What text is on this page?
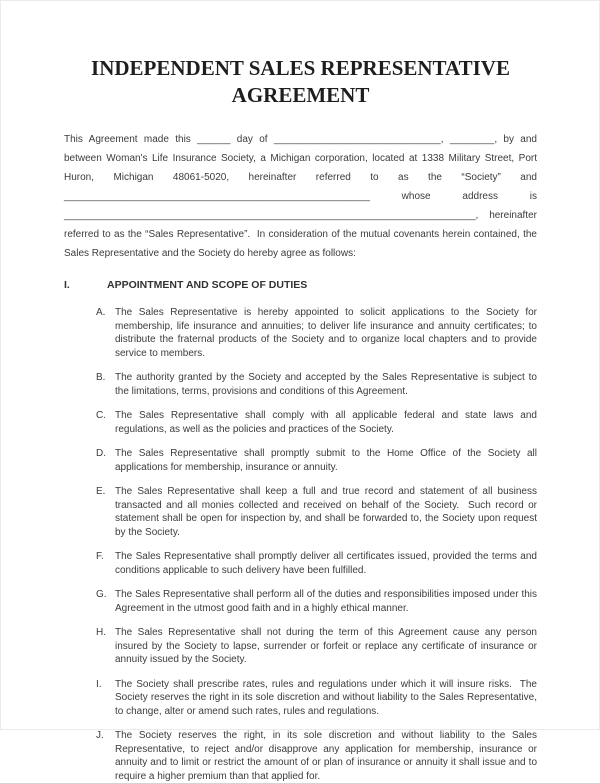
INDEPENDENT SALES REPRESENTATIVE AGREEMENT

This Agreement made this ______ day of ______________________________, ________, by and between Woman's Life Insurance Society, a Michigan corporation, located at 1338 Military Street, Port Huron, Michigan 48061-5020, hereinafter referred to as the “Society” and _______________________________________________________ whose address is __________________________________________________________________________, hereinafter referred to as the “Sales Representative”.  In consideration of the mutual covenants herein contained, the Sales Representative and the Society do hereby agree as follows:

I.	APPOINTMENT AND SCOPE OF DUTIES
A. The Sales Representative is hereby appointed to solicit applications to the Society for membership, life insurance and annuities; to deliver life insurance and annuity certificates; to distribute the fraternal products of the Society and to organize local chapters and to provide service to members.
B. The authority granted by the Society and accepted by the Sales Representative is subject to the limitations, terms, provisions and conditions of this Agreement.
C. The Sales Representative shall comply with all applicable federal and state laws and regulations, as well as the policies and practices of the Society.
D. The Sales Representative shall promptly submit to the Home Office of the Society all applications for membership, insurance or annuity.
E. The Sales Representative shall keep a full and true record and statement of all business transacted and all monies collected and received on behalf of the Society.  Such record or statement shall be open for inspection by, and shall be forwarded to, the Society upon request by the Society.
F.	The Sales Representative shall promptly deliver all certificates issued, provided the terms and conditions applicable to such delivery have been fulfilled.
G. The Sales Representative shall perform all of the duties and responsibilities imposed under this Agreement in the utmost good faith and in a highly ethical manner.
H. The Sales Representative shall not during the term of this Agreement cause any person insured by the Society to lapse, surrender or forfeit or replace any certificate of insurance or annuity issued by the Society.
I.	The Society shall prescribe rates, rules and regulations under which it will insure risks.  The Society reserves the right in its sole discretion and without liability to the Sales Representative, to change, alter or amend such rates, rules and regulations.
J.	The Society reserves the right, in its sole discretion and without liability to the Sales Representative, to reject and/or disapprove any application for membership, insurance or annuity and to limit or restrict the amount of or plan of insurance or annuity it shall issue and to require a higher premium than that applied for.
